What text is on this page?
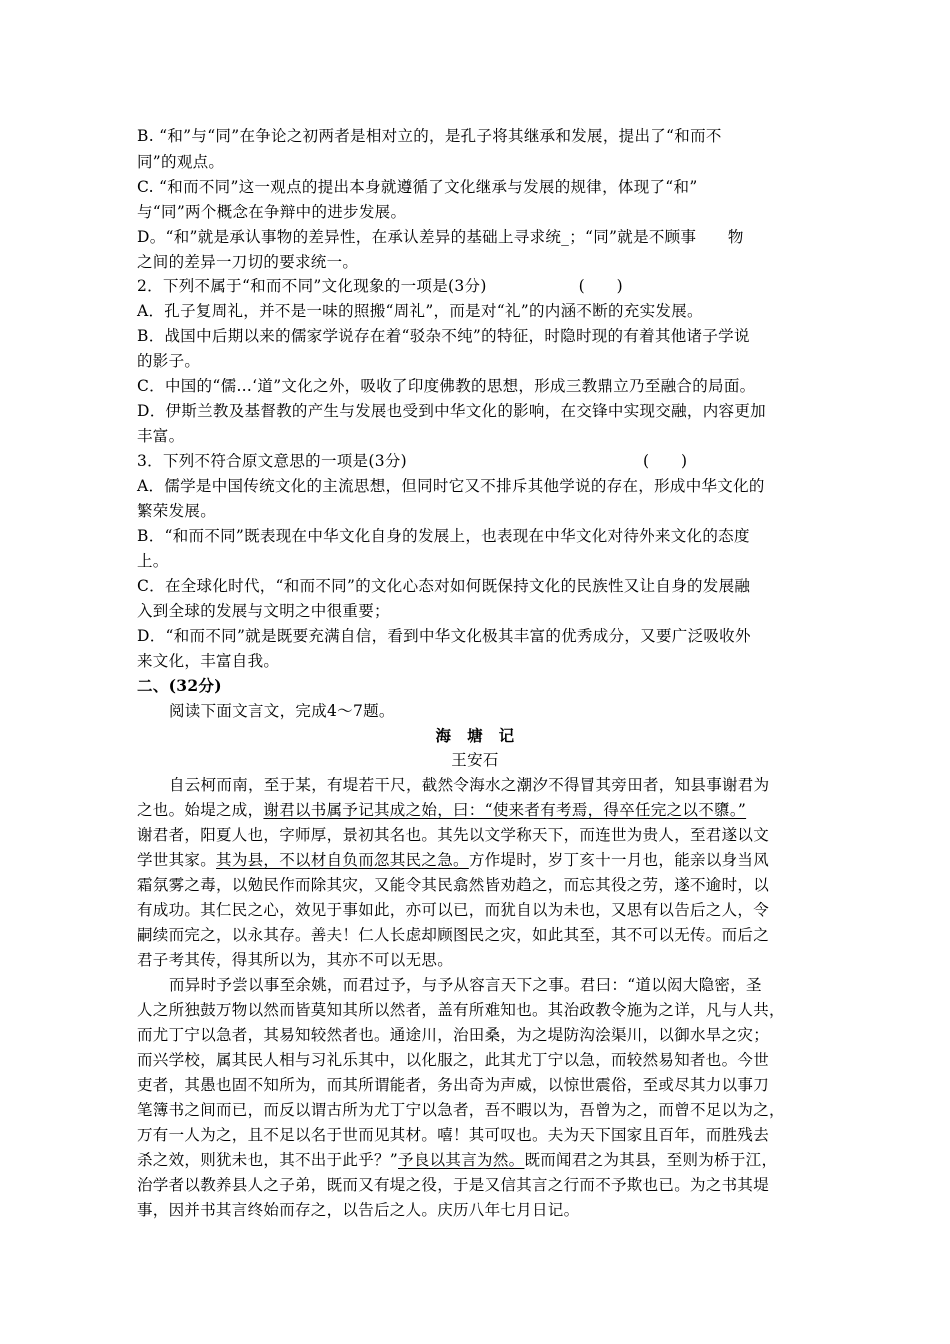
B. “和”与“同”在争论之初两者是相对立的，是孔子将其继承和发展，提出了“和而不
同”的观点。
C. “和而不同”这一观点的提出本身就遵循了文化继承与发展的规律，体现了“和”
与“同”两个概念在争辩中的进步发展。
D。“和”就是承认事物的差异性，在承认差异的基础上寻求统_；“同”就是不顾事　　物
之间的差异一刀切的要求统一。
2．下列不属于“和而不同”文化现象的一项是(3分)	(　　)
A．孔子复周礼，并不是一味的照搬“周礼”，而是对“礼”的内涵不断的充实发展。
B．战国中后期以来的儒家学说存在着“驳杂不纯”的特征，时隐时现的有着其他诸子学说
的影子。
C．中国的“儒…‘道”文化之外，吸收了印度佛教的思想，形成三教鼎立乃至融合的局面。
D．伊斯兰教及基督教的产生与发展也受到中华文化的影响，在交锋中实现交融，内容更加
丰富。
3．下列不符合原文意思的一项是(3分)	(　　)
A．儒学是中国传统文化的主流思想，但同时它又不排斥其他学说的存在，形成中华文化的
繁荣发展。
B．“和而不同”既表现在中华文化自身的发展上，也表现在中华文化对待外来文化的态度
上。
C．在全球化时代，“和而不同”的文化心态对如何既保持文化的民族性又让自身的发展融
入到全球的发展与文明之中很重要；
D．“和而不同”就是既要充满自信，看到中华文化极其丰富的优秀成分，又要广泛吸收外
来文化，丰富自我。
二、(32分)
阅读下面文言文，完成4～7题。
海　塘　记
王安石
自云柯而南，至于某，有堤若干尺，截然令海水之潮汐不得冒其旁田者，知县事谢君为
之也。始堤之成，谢君以书属予记其成之始，曰：“使来者有考焉，得卒任完之以不隳。”
谢君者，阳夏人也，字师厚，景初其名也。其先以文学称天下，而连世为贵人，至君遂以文
学世其家。其为县，不以材自负而忽其民之急。方作堤时，岁丁亥十一月也，能亲以身当风
霜氛雾之毒，以勉民作而除其灾，又能令其民翕然皆劝趋之，而忘其役之劳，遂不逾时，以
有成功。其仁民之心，效见于事如此，亦可以已，而犹自以为未也，又思有以告后之人，令
嗣续而完之，以永其存。善夫！仁人长虑却顾图民之灾，如此其至，其不可以无传。而后之
君子考其传，得其所以为，其亦不可以无思。
而异时予尝以事至余姚，而君过予，与予从容言天下之事。君曰：“道以闳大隐密，圣
人之所独鼓万物以然而皆莫知其所以然者，盖有所难知也。其治政教令施为之详，凡与人共，
而尤丁宁以急者，其易知较然者也。通途川，治田桑，为之堤防沟浍渠川，以御水旱之灾；
而兴学校，属其民人相与习礼乐其中，以化服之，此其尤丁宁以急，而较然易知者也。今世
吏者，其愚也固不知所为，而其所谓能者，务出奇为声威，以惊世震俗，至或尽其力以事刀
笔簿书之间而已，而反以谓古所为尤丁宁以急者，吾不暇以为，吾曾为之，而曾不足以为之，
万有一人为之，且不足以名于世而见其材。嘻！其可叹也。夫为天下国家且百年，而胜残去
杀之效，则犹未也，其不出于此乎？”予良以其言为然。既而闻君之为其县，至则为桥于江，
治学者以教养县人之子弟，既而又有堤之役，于是又信其言之行而不予欺也已。为之书其堤
事，因并书其言终始而存之，以告后之人。庆历八年七月日记。
